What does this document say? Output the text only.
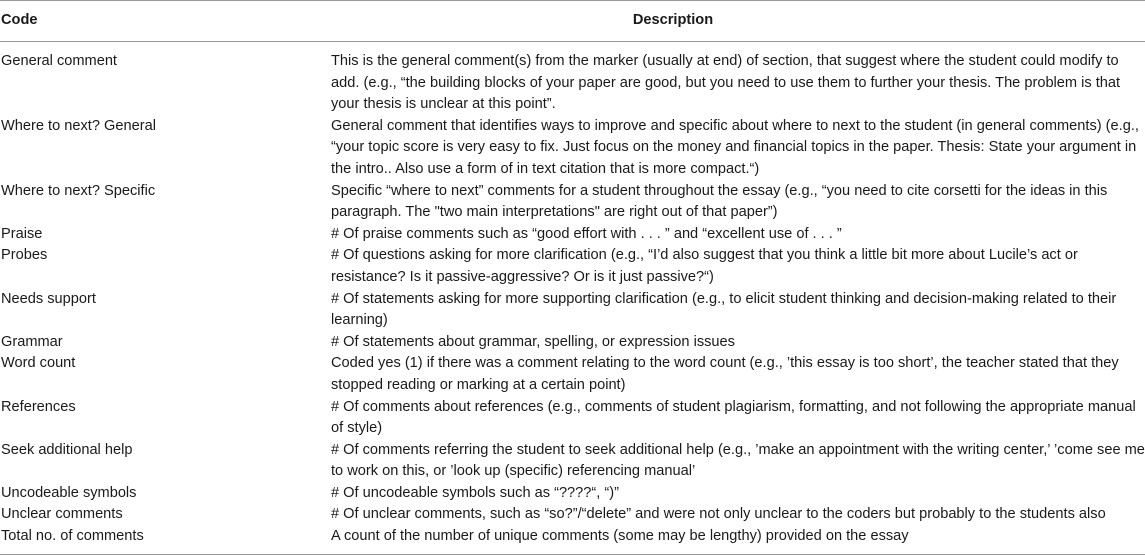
Code	Description
General comment	This is the general comment(s) from the marker (usually at end) of section, that suggest where the student could modify to add. (e.g., “the building blocks of your paper are good, but you need to use them to further your thesis. The problem is that your thesis is unclear at this point”.
Where to next? General	General comment that identifies ways to improve and specific about where to next to the student (in general comments) (e.g., “your topic score is very easy to fix. Just focus on the money and financial topics in the paper. Thesis: State your argument in the intro.. Also use a form of in text citation that is more compact.“)
Where to next? Specific	Specific “where to next” comments for a student throughout the essay (e.g., “you need to cite corsetti for the ideas in this paragraph. The "two main interpretations" are right out of that paper”)
Praise	# Of praise comments such as “good effort with . . . ” and “excellent use of . . . ”
Probes	# Of questions asking for more clarification (e.g., “I’d also suggest that you think a little bit more about Lucile’s act or resistance? Is it passive-aggressive? Or is it just passive?“)
Needs support	# Of statements asking for more supporting clarification (e.g., to elicit student thinking and decision-making related to their learning)
Grammar	# Of statements about grammar, spelling, or expression issues
Word count	Coded yes (1) if there was a comment relating to the word count (e.g., ’this essay is too short’, the teacher stated that they stopped reading or marking at a certain point)
References	# Of comments about references (e.g., comments of student plagiarism, formatting, and not following the appropriate manual of style)
Seek additional help	# Of comments referring the student to seek additional help (e.g., ’make an appointment with the writing center,’ ’come see me to work on this, or ’look up (specific) referencing manual’
Uncodeable symbols	# Of uncodeable symbols such as “????“, “)”
Unclear comments	# Of unclear comments, such as “so?”/“delete” and were not only unclear to the coders but probably to the students also
Total no. of comments	A count of the number of unique comments (some may be lengthy) provided on the essay
